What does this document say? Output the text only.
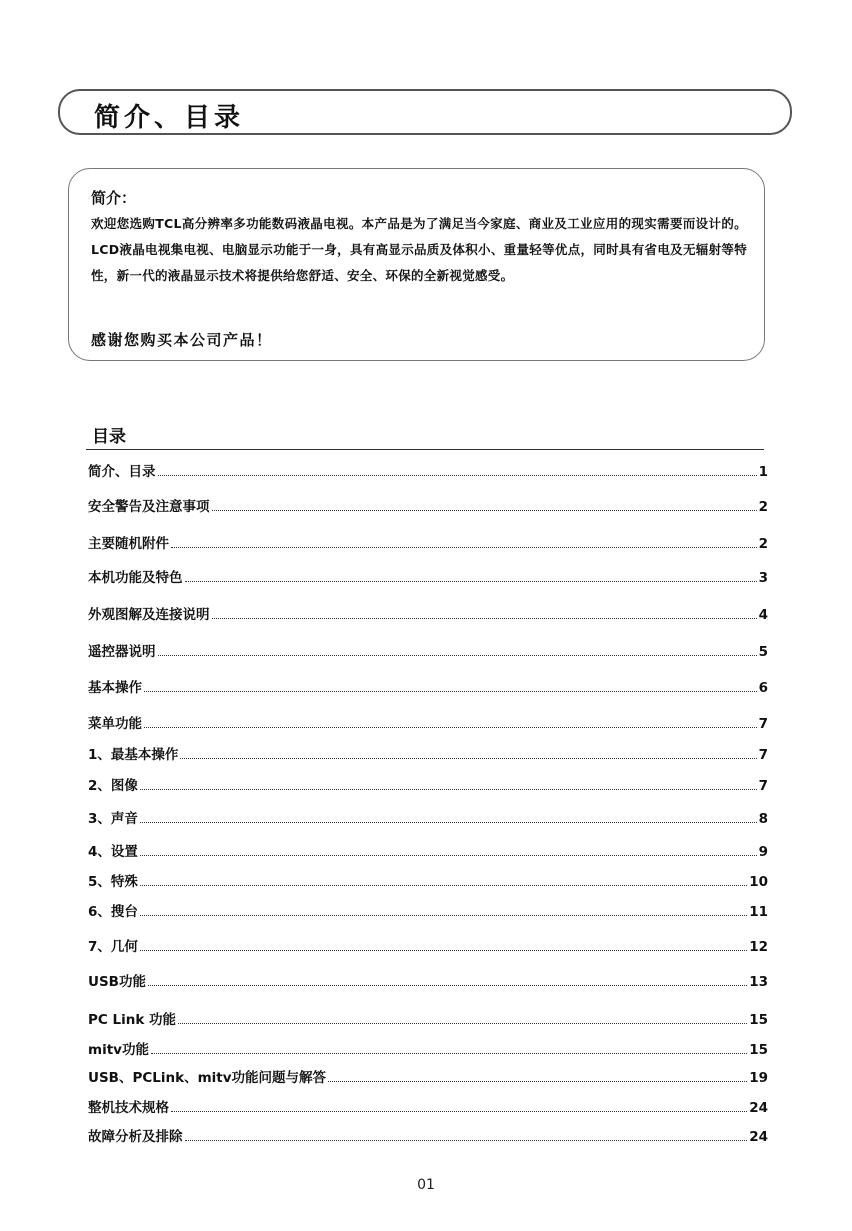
简介、目录
简介：
欢迎您选购TCL高分辨率多功能数码液晶电视。本产品是为了满足当今家庭、商业及工业应用的现实需要而设计的。LCD液晶电视集电视、电脑显示功能于一身，具有高显示品质及体积小、重量轻等优点，同时具有省电及无辐射等特性，新一代的液晶显示技术将提供给您舒适、安全、环保的全新视觉感受。
感谢您购买本公司产品！
目录
简介、目录	1
安全警告及注意事项	2
主要随机附件	2
本机功能及特色	3
外观图解及连接说明	4
遥控器说明	5
基本操作	6
菜单功能	7
1、最基本操作	7
2、图像	7
3、声音	8
4、设置	9
5、特殊	10
6、搜台	11
7、几何	12
USB功能	13
PC Link 功能	15
mitv功能	15
USB、PCLink、mitv功能问题与解答	19
整机技术规格	24
故障分析及排除	24
01
